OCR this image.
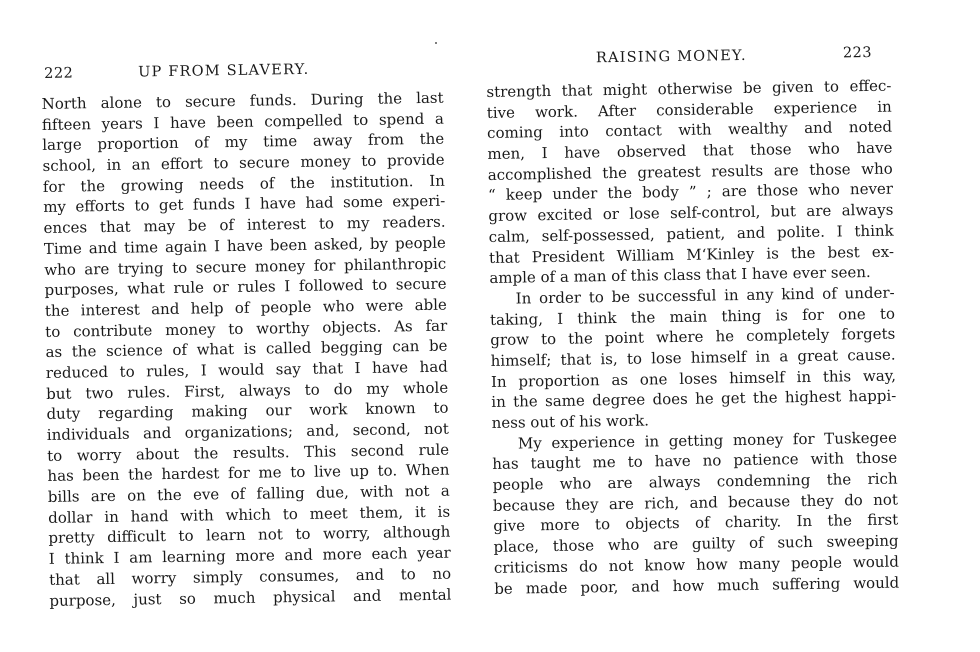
222	UP FROM SLAVERY.
North alone to secure funds. During the last
fifteen years I have been compelled to spend a
large proportion of my time away from the
school, in an effort to secure money to provide
for the growing needs of the institution. In
my efforts to get funds I have had some experi-
ences that may be of interest to my readers.
Time and time again I have been asked, by people
who are trying to secure money for philanthropic
purposes, what rule or rules I followed to secure
the interest and help of people who were able
to contribute money to worthy objects. As far
as the science of what is called begging can be
reduced to rules, I would say that I have had
but two rules. First, always to do my whole
duty regarding making our work known to
individuals and organizations; and, second, not
to worry about the results. This second rule
has been the hardest for me to live up to. When
bills are on the eve of falling due, with not a
dollar in hand with which to meet them, it is
pretty difficult to learn not to worry, although
I think I am learning more and more each year
that all worry simply consumes, and to no
purpose, just so much physical and mental
RAISING MONEY.	223
strength that might otherwise be given to effec-
tive work. After considerable experience in
coming into contact with wealthy and noted
men, I have observed that those who have
accomplished the greatest results are those who
“ keep under the body ” ; are those who never
grow excited or lose self-control, but are always
calm, self-possessed, patient, and polite. I think
that President William M‘Kinley is the best ex-
ample of a man of this class that I have ever seen.
In order to be successful in any kind of under-
taking, I think the main thing is for one to
grow to the point where he completely forgets
himself; that is, to lose himself in a great cause.
In proportion as one loses himself in this way,
in the same degree does he get the highest happi-
ness out of his work.
My experience in getting money for Tuskegee
has taught me to have no patience with those
people who are always condemning the rich
because they are rich, and because they do not
give more to objects of charity. In the first
place, those who are guilty of such sweeping
criticisms do not know how many people would
be made poor, and how much suffering would
